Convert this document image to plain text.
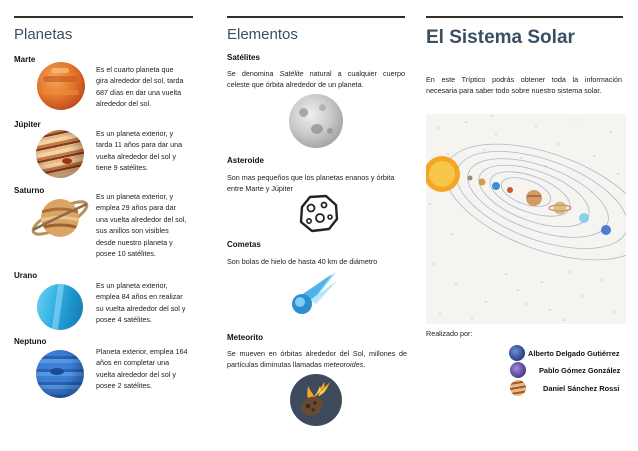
Planetas
Marte
Es el cuarto planeta que
gira alrededor del sol, tarda
687 días en dar una vuelta
alrededor del sol.
Júpiter
Es un planeta exterior, y
tarda 11 años para dar una
vuelta alrededor del sol y
tiene 9 satélites.
Saturno
Es un planeta exterior, y
emplea 29 años para dar
una vuelta alrededor del sol,
sus anillos son visibles
desde nuestro planeta y
posee 10 satélites.
Urano
Es un planeta exterior,
emplea 84 años en realizar
su vuelta alrededor del sol y
posee 4 satélites.
Neptuno
Planeta exterior, emplea 164
años en completar una
vuelta alrededor del sol y
posee 2 satélites.
Elementos
Satélites
Se denomina Satélite natural a cualquier cuerpo celeste que órbita alrededor de un planeta.
Asteroide
Son mas pequeños que los planetas enanos y órbita entre Marte y Júpiter
Cometas
Son bolas de hielo de hasta 40 km de diámetro
Meteorito
Se mueven en órbitas alrededor del Sol, millones de partículas diminutas llamadas meteoroides.
El Sistema Solar
En este Tríptico podrás obtener toda la información necesaria para saber todo sobre nuestro sistema solar.
Realizado por:
Alberto Delgado Gutiérrez
Pablo Gómez González
Daniel Sánchez Rossi
